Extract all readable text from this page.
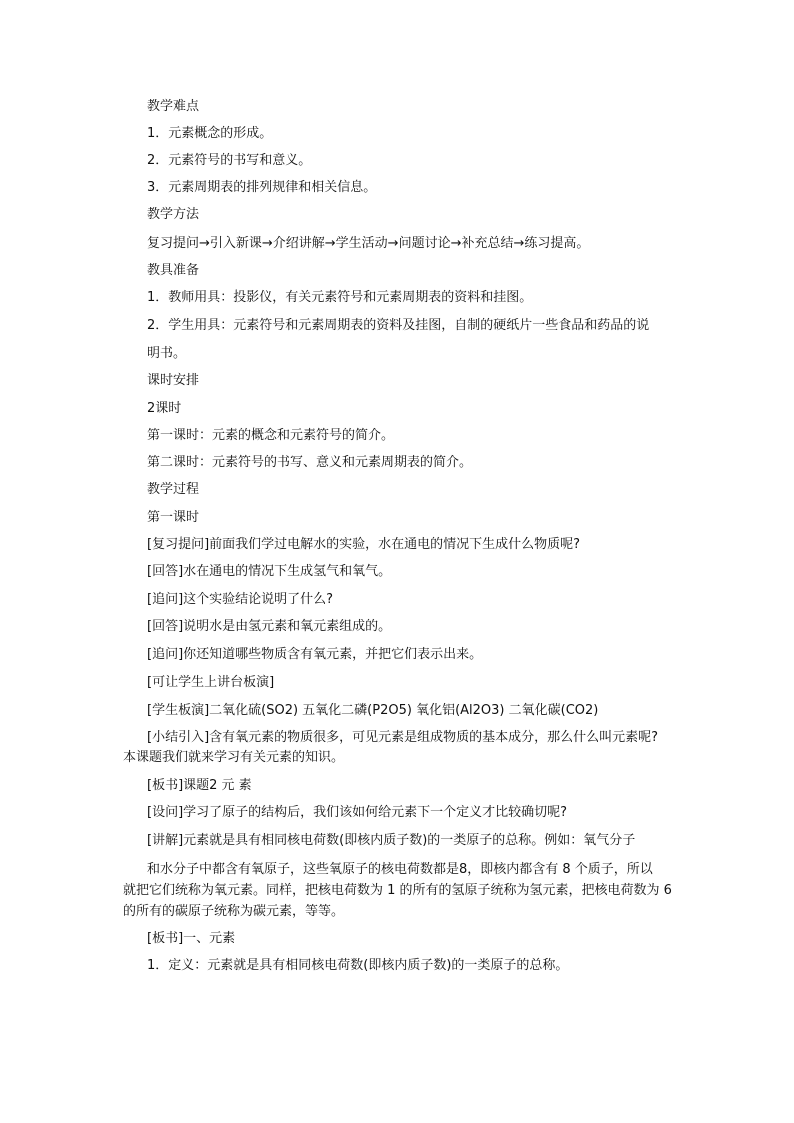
教学难点
1．元素概念的形成。
2．元素符号的书写和意义。
3．元素周期表的排列规律和相关信息。
教学方法
复习提问→引入新课→介绍讲解→学生活动→问题讨论→补充总结→练习提高。
教具准备
1．教师用具：投影仪，有关元素符号和元素周期表的资料和挂图。
2．学生用具：元素符号和元素周期表的资料及挂图，自制的硬纸片一些食品和药品的说
明书。
课时安排
2课时
第一课时：元素的概念和元素符号的简介。
第二课时：元素符号的书写、意义和元素周期表的简介。
教学过程
第一课时
[复习提问]前面我们学过电解水的实验，水在通电的情况下生成什么物质呢?
[回答]水在通电的情况下生成氢气和氧气。
[追问]这个实验结论说明了什么?
[回答]说明水是由氢元素和氧元素组成的。
[追问]你还知道哪些物质含有氧元素，并把它们表示出来。
[可让学生上讲台板演]
[学生板演]二氧化硫(SO2) 五氧化二磷(P2O5) 氧化铝(Al2O3) 二氧化碳(CO2)
[小结引入]含有氧元素的物质很多，可见元素是组成物质的基本成分，那么什么叫元素呢?
本课题我们就来学习有关元素的知识。
[板书]课题2 元 素
[设问]学习了原子的结构后，我们该如何给元素下一个定义才比较确切呢?
[讲解]元素就是具有相同核电荷数(即核内质子数)的一类原子的总称。例如：氧气分子
和水分子中都含有氧原子，这些氧原子的核电荷数都是8，即核内都含有 8 个质子，所以
就把它们统称为氧元素。同样，把核电荷数为 1 的所有的氢原子统称为氢元素，把核电荷数为 6
的所有的碳原子统称为碳元素，等等。
[板书]一、元素
1．定义：元素就是具有相同核电荷数(即核内质子数)的一类原子的总称。
